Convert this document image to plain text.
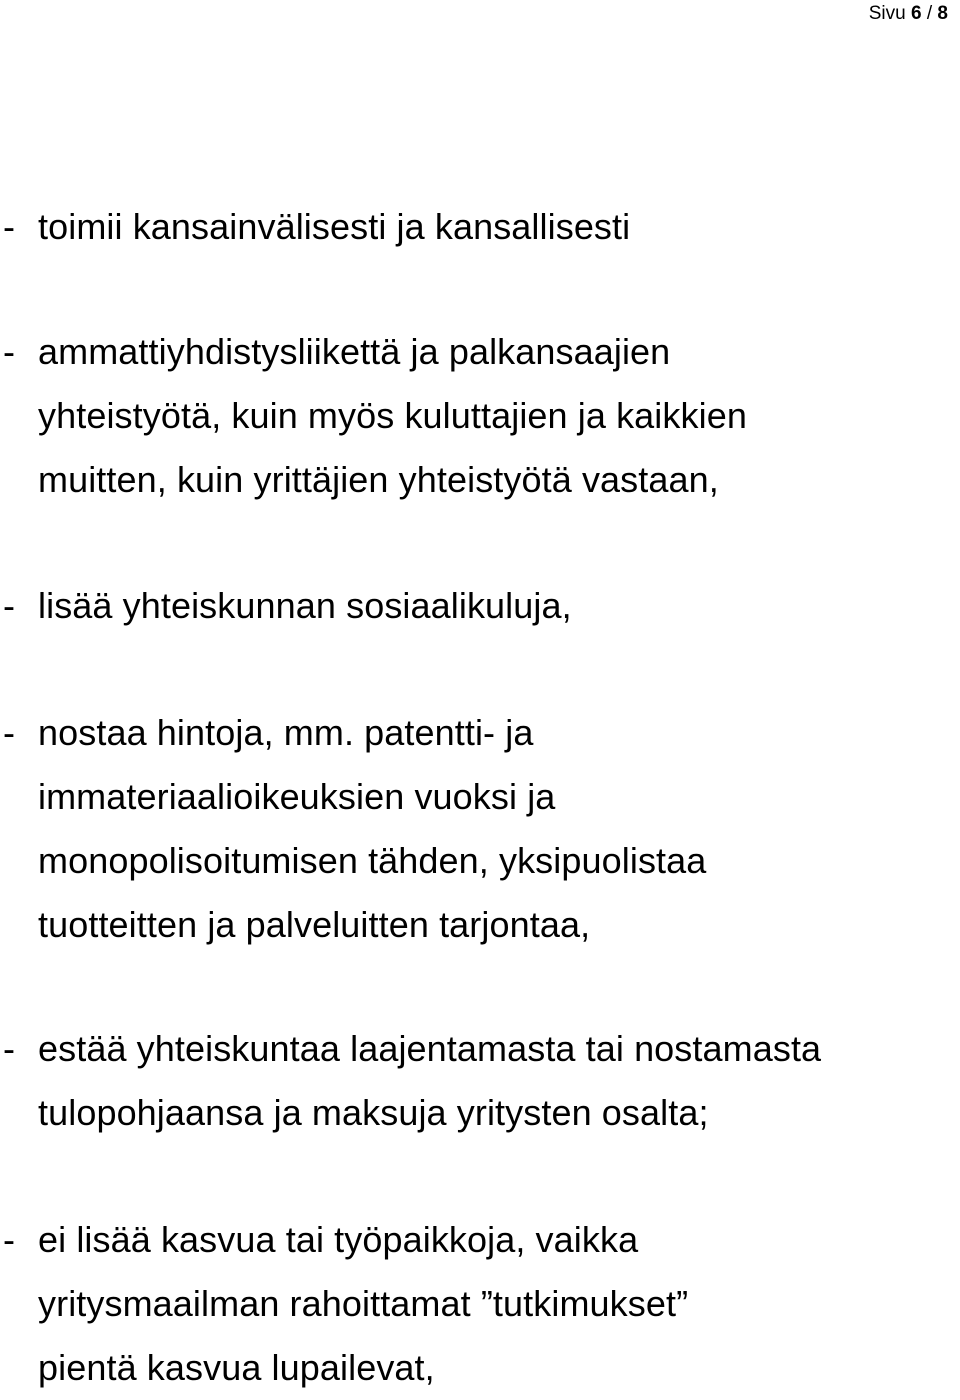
Sivu 6 / 8
- toimii kansainvälisesti ja kansallisesti
- ammattiyhdistysliikettä ja palkansaajien
yhteistyötä, kuin myös kuluttajien ja kaikkien
muitten, kuin yrittäjien yhteistyötä vastaan,
- lisää yhteiskunnan sosiaalikuluja,
- nostaa hintoja, mm. patentti- ja
immateriaalioikeuksien vuoksi ja
monopolisoitumisen tähden, yksipuolistaa
tuotteitten ja palveluitten tarjontaa,
- estää yhteiskuntaa laajentamasta tai nostamasta
tulopohjaansa ja maksuja yritysten osalta;
- ei lisää kasvua tai työpaikkoja, vaikka
yritysmaailman rahoittamat ”tutkimukset”
pientä kasvua lupailevat,
